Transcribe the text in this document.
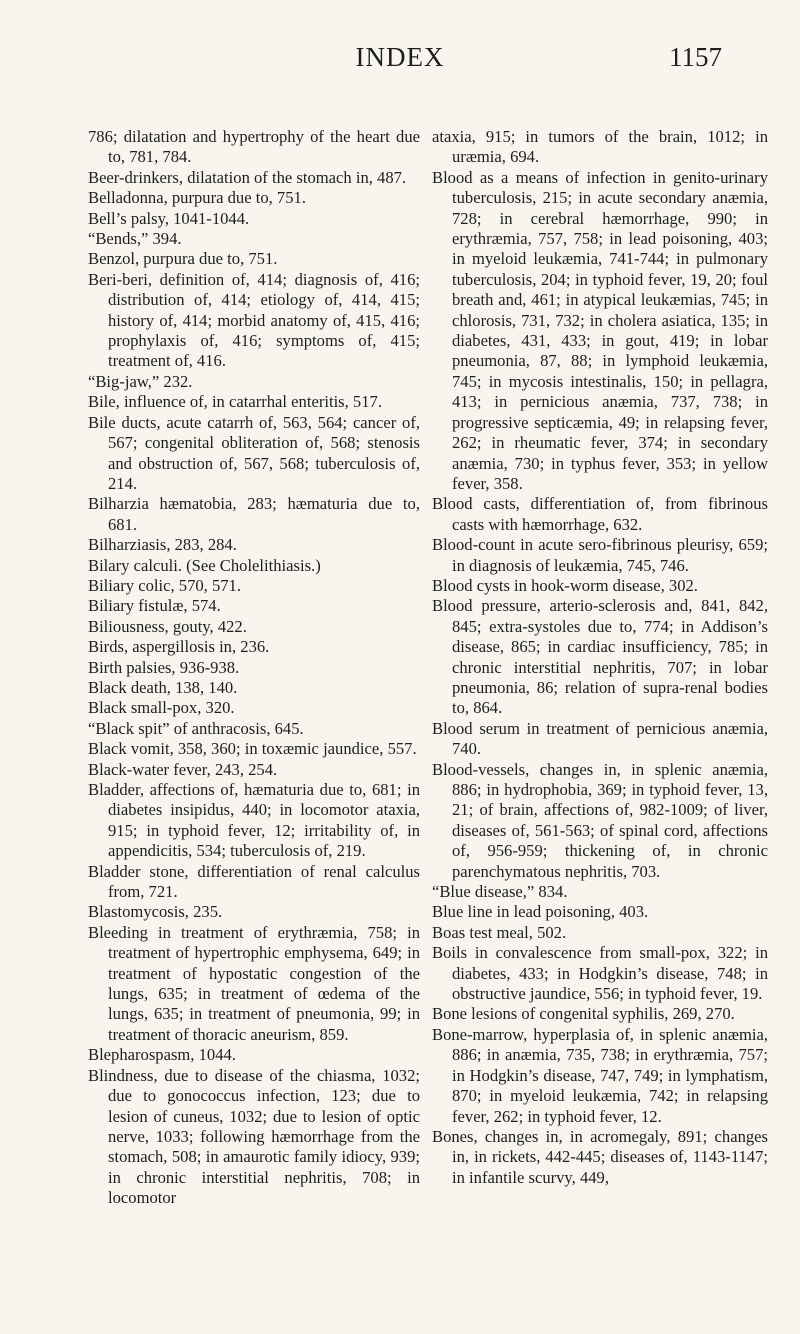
INDEX	1157

786; dilatation and hypertrophy of the heart due to, 781, 784.

Beer-drinkers, dilatation of the stomach in, 487.

Belladonna, purpura due to, 751.

Bell’s palsy, 1041-1044.

“Bends,” 394.

Benzol, purpura due to, 751.

Beri-beri, definition of, 414; diagnosis of, 416; distribution of, 414; etiology of, 414, 415; history of, 414; morbid anatomy of, 415, 416; prophylaxis of, 416; symptoms of, 415; treatment of, 416.

“Big-jaw,” 232.

Bile, influence of, in catarrhal enteritis, 517.

Bile ducts, acute catarrh of, 563, 564; cancer of, 567; congenital obliteration of, 568; stenosis and obstruction of, 567, 568; tuberculosis of, 214.

Bilharzia hæmatobia, 283; hæmaturia due to, 681.

Bilharziasis, 283, 284.

Bilary calculi. (See Cholelithiasis.)

Biliary colic, 570, 571.

Biliary fistulæ, 574.

Biliousness, gouty, 422.

Birds, aspergillosis in, 236.

Birth palsies, 936-938.

Black death, 138, 140.

Black small-pox, 320.

“Black spit” of anthracosis, 645.

Black vomit, 358, 360; in toxæmic jaundice, 557.

Black-water fever, 243, 254.

Bladder, affections of, hæmaturia due to, 681; in diabetes insipidus, 440; in locomotor ataxia, 915; in typhoid fever, 12; irritability of, in appendicitis, 534; tuberculosis of, 219.

Bladder stone, differentiation of renal calculus from, 721.

Blastomycosis, 235.

Bleeding in treatment of erythræmia, 758; in treatment of hypertrophic emphysema, 649; in treatment of hypostatic congestion of the lungs, 635; in treatment of œdema of the lungs, 635; in treatment of pneumonia, 99; in treatment of thoracic aneurism, 859.

Blepharospasm, 1044.

Blindness, due to disease of the chiasma, 1032; due to gonococcus infection, 123; due to lesion of cuneus, 1032; due to lesion of optic nerve, 1033; following hæmorrhage from the stomach, 508; in amaurotic family idiocy, 939; in chronic interstitial nephritis, 708; in locomotor

ataxia, 915; in tumors of the brain, 1012; in uræmia, 694.

Blood as a means of infection in genito-urinary tuberculosis, 215; in acute secondary anæmia, 728; in cerebral hæmorrhage, 990; in erythræmia, 757, 758; in lead poisoning, 403; in myeloid leukæmia, 741-744; in pulmonary tuberculosis, 204; in typhoid fever, 19, 20; foul breath and, 461; in atypical leukæmias, 745; in chlorosis, 731, 732; in cholera asiatica, 135; in diabetes, 431, 433; in gout, 419; in lobar pneumonia, 87, 88; in lymphoid leukæmia, 745; in mycosis intestinalis, 150; in pellagra, 413; in pernicious anæmia, 737, 738; in progressive septicæmia, 49; in relapsing fever, 262; in rheumatic fever, 374; in secondary anæmia, 730; in typhus fever, 353; in yellow fever, 358.

Blood casts, differentiation of, from fibrinous casts with hæmorrhage, 632.

Blood-count in acute sero-fibrinous pleurisy, 659; in diagnosis of leukæmia, 745, 746.

Blood cysts in hook-worm disease, 302.

Blood pressure, arterio-sclerosis and, 841, 842, 845; extra-systoles due to, 774; in Addison’s disease, 865; in cardiac insufficiency, 785; in chronic interstitial nephritis, 707; in lobar pneumonia, 86; relation of supra-renal bodies to, 864.

Blood serum in treatment of pernicious anæmia, 740.

Blood-vessels, changes in, in splenic anæmia, 886; in hydrophobia, 369; in typhoid fever, 13, 21; of brain, affections of, 982-1009; of liver, diseases of, 561-563; of spinal cord, affections of, 956-959; thickening of, in chronic parenchymatous nephritis, 703.

“Blue disease,” 834.

Blue line in lead poisoning, 403.

Boas test meal, 502.

Boils in convalescence from small-pox, 322; in diabetes, 433; in Hodgkin’s disease, 748; in obstructive jaundice, 556; in typhoid fever, 19.

Bone lesions of congenital syphilis, 269, 270.

Bone-marrow, hyperplasia of, in splenic anæmia, 886; in anæmia, 735, 738; in erythræmia, 757; in Hodgkin’s disease, 747, 749; in lymphatism, 870; in myeloid leukæmia, 742; in relapsing fever, 262; in typhoid fever, 12.

Bones, changes in, in acromegaly, 891; changes in, in rickets, 442-445; diseases of, 1143-1147; in infantile scurvy, 449,
